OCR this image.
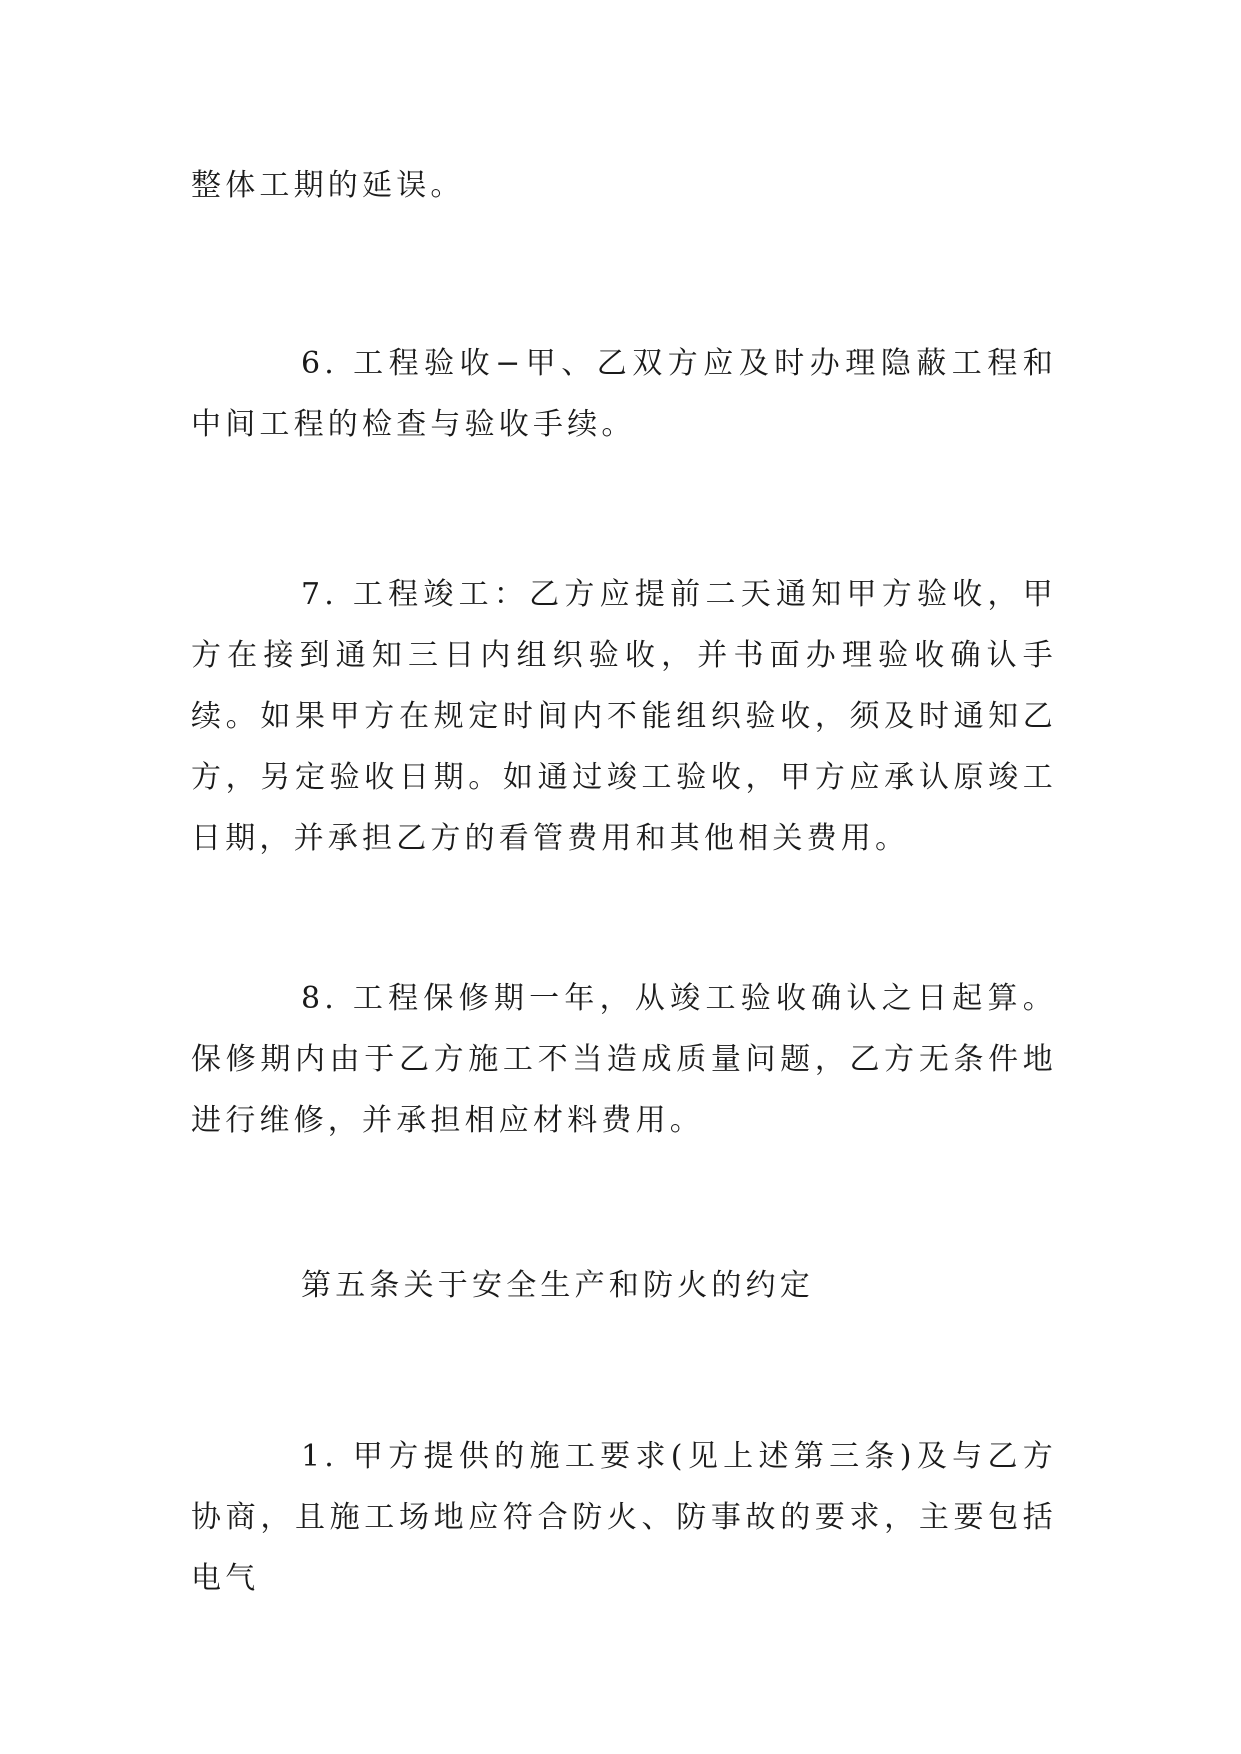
整体工期的延误。

6. 工程验收−甲、乙双方应及时办理隐蔽工程和中间工程的检查与验收手续。

7. 工程竣工：乙方应提前二天通知甲方验收，甲方在接到通知三日内组织验收，并书面办理验收确认手续。如果甲方在规定时间内不能组织验收，须及时通知乙方，另定验收日期。如通过竣工验收，甲方应承认原竣工日期，并承担乙方的看管费用和其他相关费用。

8. 工程保修期一年，从竣工验收确认之日起算。保修期内由于乙方施工不当造成质量问题，乙方无条件地进行维修，并承担相应材料费用。

第五条关于安全生产和防火的约定

1. 甲方提供的施工要求(见上述第三条)及与乙方协商，且施工场地应符合防火、防事故的要求，主要包括电气
